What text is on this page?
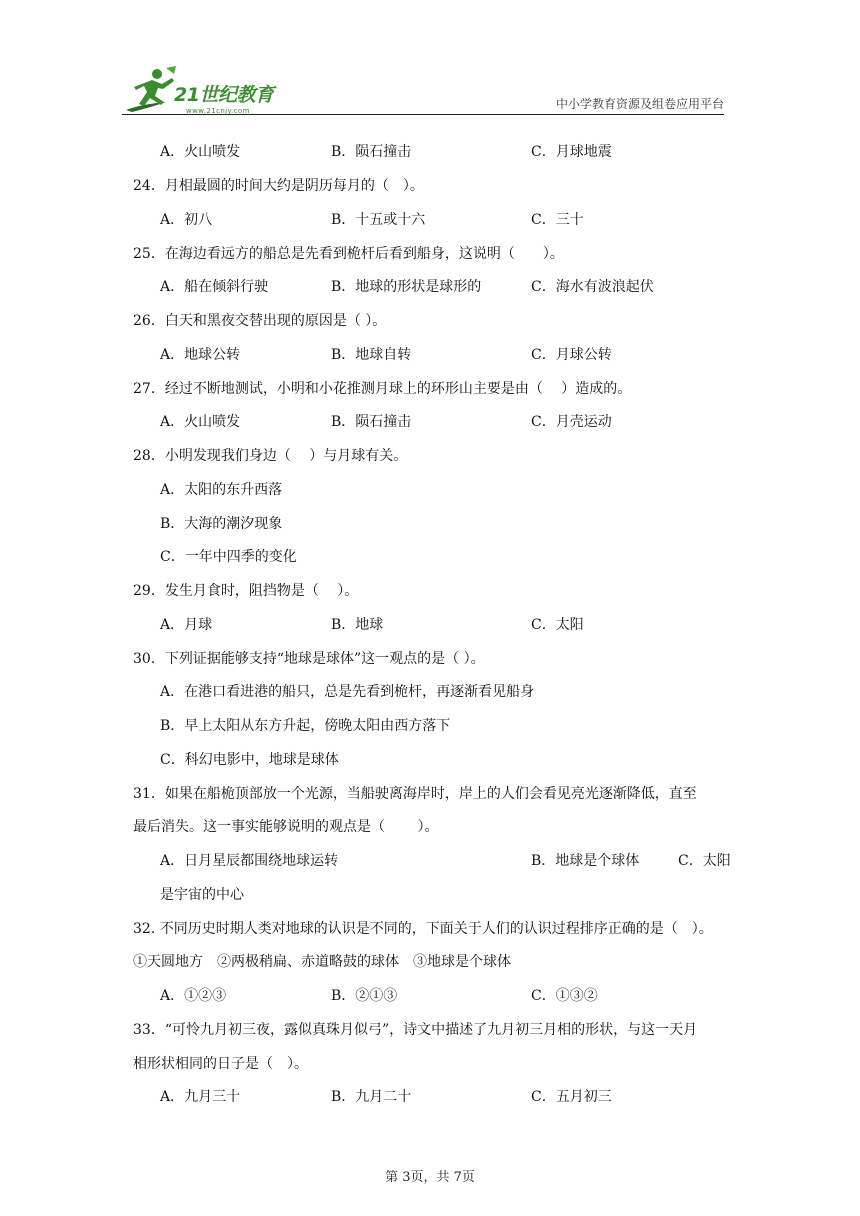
21世纪教育
www.21cnjy.com	中小学教育资源及组卷应用平台
A．火山喷发	B．陨石撞击	C．月球地震
24．月相最圆的时间大约是阴历每月的（　）。
A．初八	B．十五或十六	C．三十
25．在海边看远方的船总是先看到桅杆后看到船身，这说明（　　）。
A．船在倾斜行驶	B．地球的形状是球形的	C．海水有波浪起伏
26．白天和黑夜交替出现的原因是（ ）。
A．地球公转	B．地球自转	C．月球公转
27．经过不断地测试，小明和小花推测月球上的环形山主要是由（　 ）造成的。
A．火山喷发	B．陨石撞击	C．月壳运动
28．小明发现我们身边（　 ）与月球有关。
A．太阳的东升西落
B．大海的潮汐现象
C．一年中四季的变化
29．发生月食时，阻挡物是（　 ）。
A．月球	B．地球	C．太阳
30．下列证据能够支持“地球是球体”这一观点的是（ ）。
A．在港口看进港的船只，总是先看到桅杆，再逐渐看见船身
B．早上太阳从东方升起，傍晚太阳由西方落下
C．科幻电影中，地球是球体
31．如果在船桅顶部放一个光源，当船驶离海岸时，岸上的人们会看见亮光逐渐降低，直至
最后消失。这一事实能够说明的观点是（　　 ）。
A．日月星辰都围绕地球运转	B．地球是个球体	C．太阳
是宇宙的中心
32. 不同历史时期人类对地球的认识是不同的，下面关于人们的认识过程排序正确的是（　）。
①天圆地方　②两极稍扁、赤道略鼓的球体　③地球是个球体
A．①②③	B．②①③	C．①③②
33．“可怜九月初三夜，露似真珠月似弓”，诗文中描述了九月初三月相的形状，与这一天月
相形状相同的日子是（　）。
A．九月三十	B．九月二十	C．五月初三
第 3页，共 7页
